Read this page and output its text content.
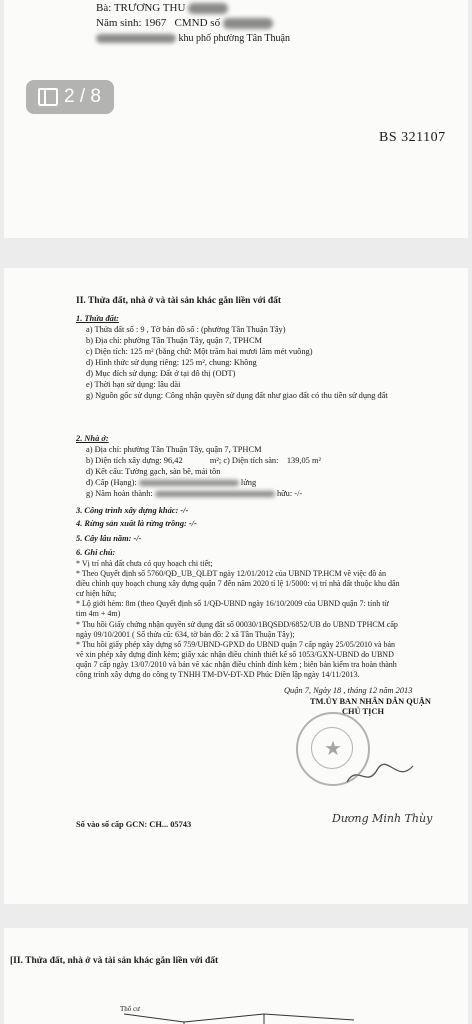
Bà: TRƯƠNG THU
Năm sinh: 1967 CMND số
khu phố phường Tân Thuận
BS 321107
2 / 8
II. Thửa đất, nhà ở và tài sản khác gắn liền với đất
1. Thửa đất:
a) Thửa đất số : 9 , Tờ bản đồ số : (phường Tân Thuận Tây)
b) Địa chỉ: phường Tân Thuận Tây, quận 7, TPHCM
c) Diện tích: 125 m² (bằng chữ: Một trăm hai mươi lăm mét vuông)
d) Hình thức sử dụng riêng: 125 m², chung: Không
đ) Mục đích sử dụng: Đất ở tại đô thị (ODT)
e) Thời hạn sử dụng: lâu dài
g) Nguồn gốc sử dụng: Công nhận quyền sử dụng đất như giao đất có thu tiền sử dụng đất
2. Nhà ở:
a) Địa chỉ: phường Tân Thuận Tây, quận 7, TPHCM
b) Diện tích xây dựng: 96,42	m²; c) Diện tích sàn: 139,05 m²
d) Kết cấu: Tường gạch, sàn bê, mái tôn
đ) Cấp (Hạng):	lửng
g) Năm hoàn thành:	hữu: -/-
3. Công trình xây dựng khác: -/-
4. Rừng sản xuất là rừng trồng: -/-
5. Cây lâu năm: -/-
6. Ghi chú:
* Vị trí nhà đất chưa có quy hoạch chi tiết;
* Theo Quyết định số 5760/QĐ_UB_QLĐT ngày 12/01/2012 của UBND TP.HCM về việc đồ án
điều chỉnh quy hoạch chung xây dựng quận 7 đến năm 2020 tỉ lệ 1/5000: vị trí nhà đất thuộc khu dân
cư hiện hữu;
* Lộ giới hẻm: 8m (theo Quyết định số 1/QĐ-UBND ngày 16/10/2009 của UBND quận 7: tính từ
tim 4m + 4m)
* Thu hồi Giấy chứng nhận quyền sử dụng đất số 00030/1BQSĐD/6852/UB do UBND TPHCM cấp
ngày 09/10/2001 ( Số thửa cũ: 634, tờ bản đồ: 2 xã Tân Thuận Tây);
* Thu hồi giấy phép xây dựng số 759/UBND-GPXD do UBND quận 7 cấp ngày 25/05/2010 và bản
vẽ xin phép xây dựng đính kèm; giấy xác nhận điều chỉnh thiết kế số 1053/GXN-UBND do UBND
quận 7 cấp ngày 13/07/2010 và bản vẽ xác nhận điều chỉnh đính kèm ; biên bản kiểm tra hoàn thành
công trình xây dựng do công ty TNHH TM-DV-ĐT-XD Phúc Điền lập ngày 14/11/2013.
Quận 7, Ngày 18 , tháng 12 năm 2013
TM.ỦY BAN NHÂN DÂN QUẬN
CHỦ TỊCH
Số vào sổ cấp GCN: CH... 05743
★
Dương Minh Thùy
[II. Thửa đất, nhà ở và tài sản khác gắn liền với đất
Thổ cư
